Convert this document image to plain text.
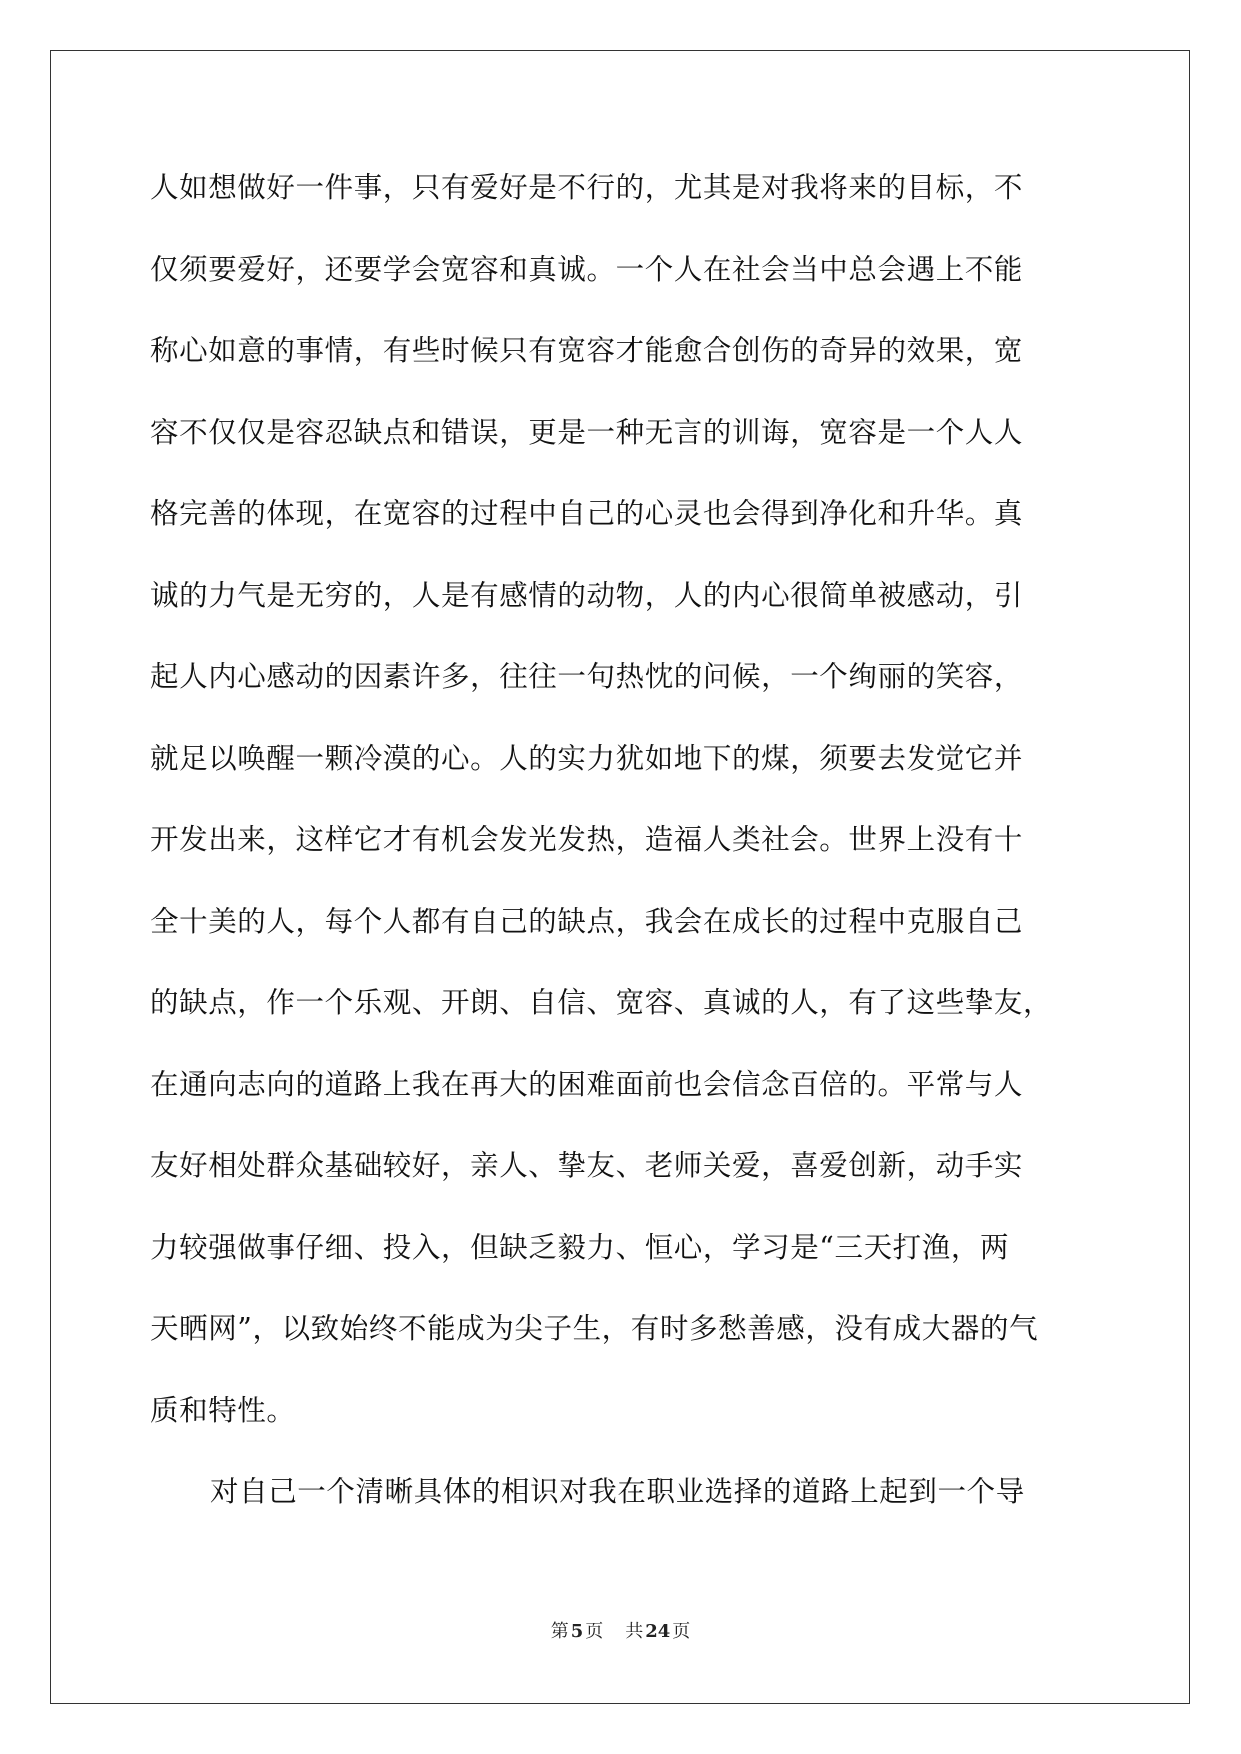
人如想做好一件事，只有爱好是不行的，尤其是对我将来的目标，不
仅须要爱好，还要学会宽容和真诚。一个人在社会当中总会遇上不能
称心如意的事情，有些时候只有宽容才能愈合创伤的奇异的效果，宽
容不仅仅是容忍缺点和错误，更是一种无言的训诲，宽容是一个人人
格完善的体现，在宽容的过程中自己的心灵也会得到净化和升华。真
诚的力气是无穷的，人是有感情的动物，人的内心很简单被感动，引
起人内心感动的因素许多，往往一句热忱的问候，一个绚丽的笑容，
就足以唤醒一颗冷漠的心。人的实力犹如地下的煤，须要去发觉它并
开发出来，这样它才有机会发光发热，造福人类社会。世界上没有十
全十美的人，每个人都有自己的缺点，我会在成长的过程中克服自己
的缺点，作一个乐观、开朗、自信、宽容、真诚的人，有了这些挚友，
在通向志向的道路上我在再大的困难面前也会信念百倍的。平常与人
友好相处群众基础较好，亲人、挚友、老师关爱，喜爱创新，动手实
力较强做事仔细、投入，但缺乏毅力、恒心，学习是“三天打渔，两
天晒网”，以致始终不能成为尖子生，有时多愁善感，没有成大器的气
质和特性。
对自己一个清晰具体的相识对我在职业选择的道路上起到一个导
第 5 页 共 24 页
